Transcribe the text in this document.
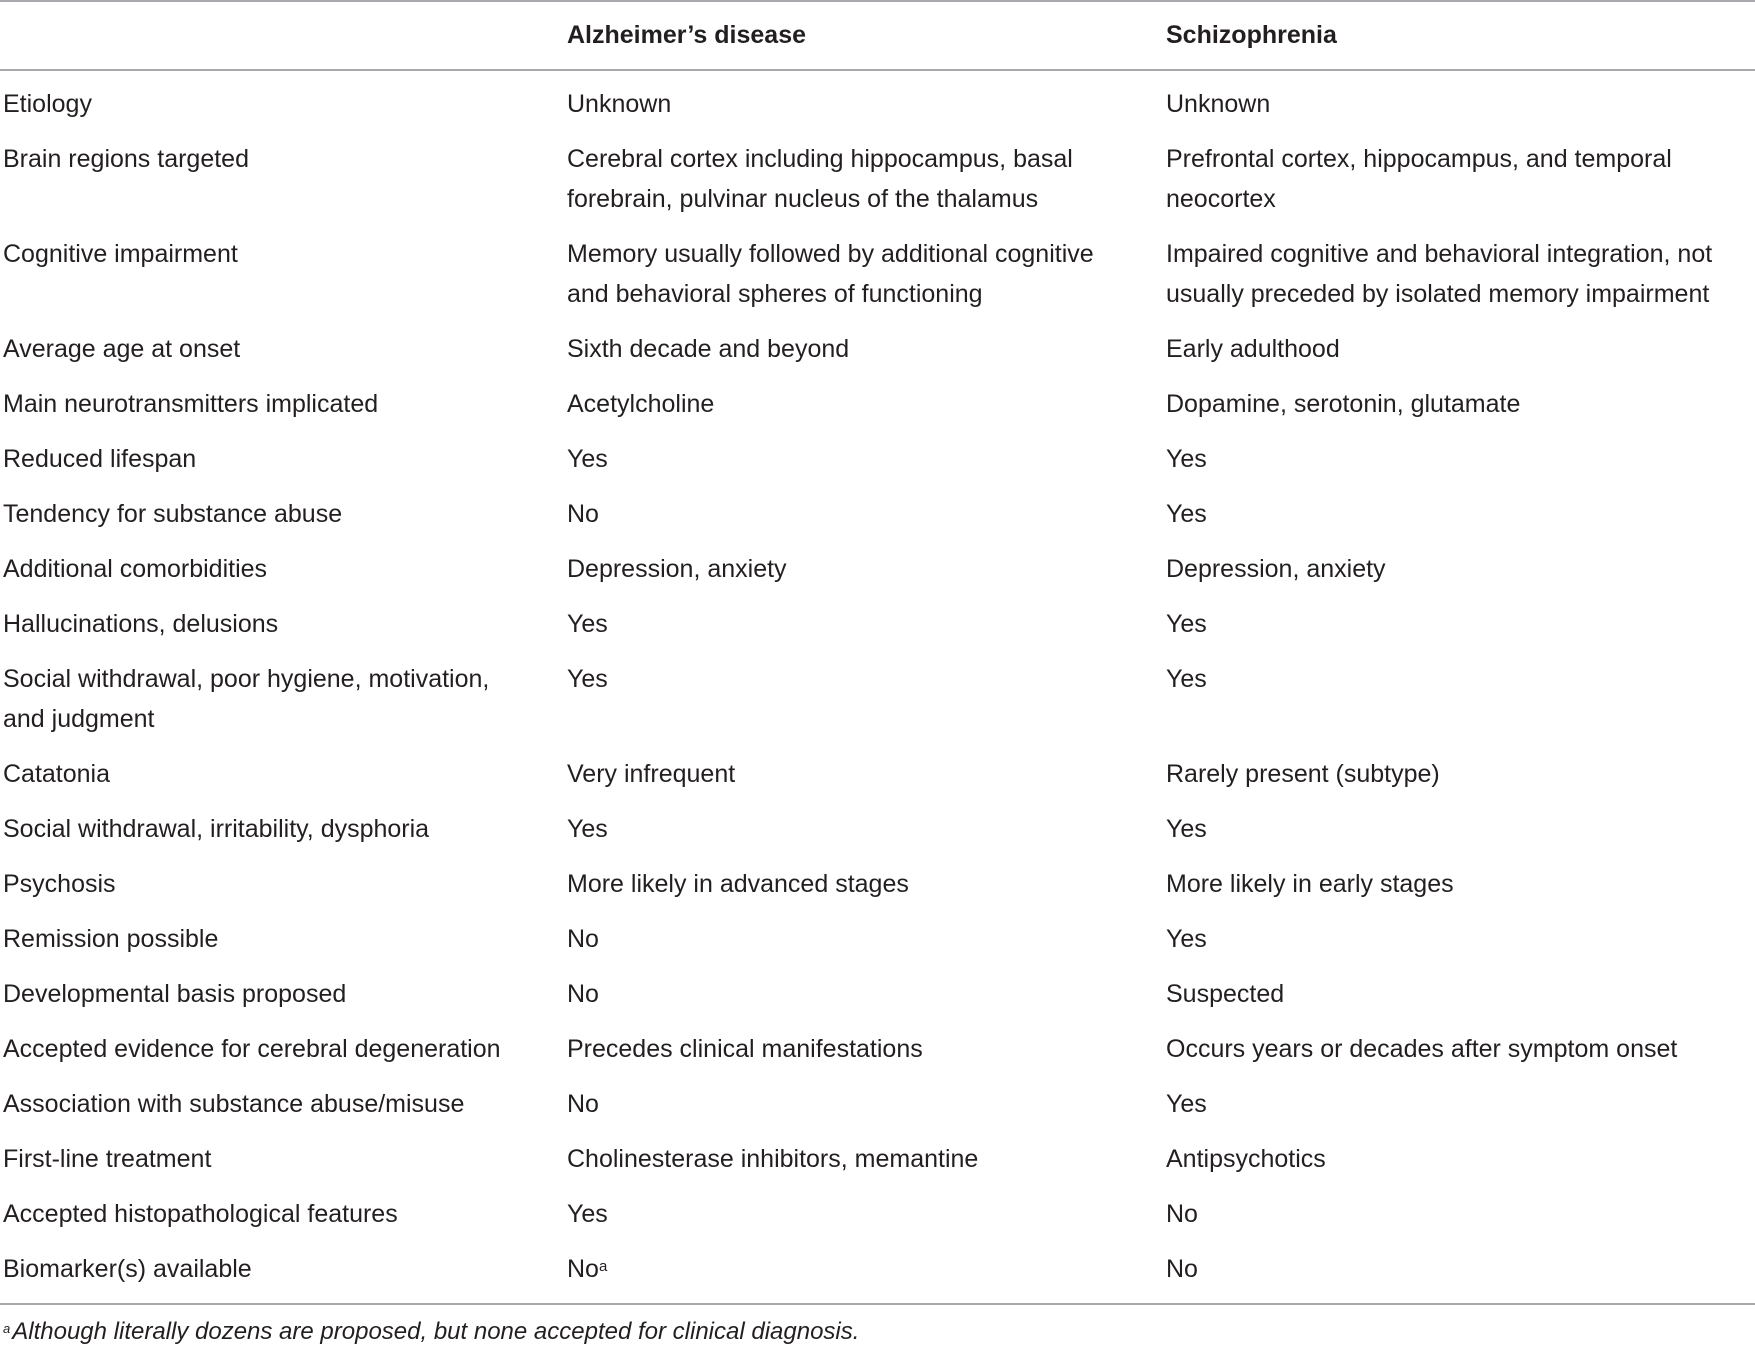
	Alzheimer’s disease	Schizophrenia
Etiology	Unknown	Unknown
Brain regions targeted	Cerebral cortex including hippocampus, basal forebrain, pulvinar nucleus of the thalamus	Prefrontal cortex, hippocampus, and temporal neocortex
Cognitive impairment	Memory usually followed by additional cognitive and behavioral spheres of functioning	Impaired cognitive and behavioral integration, not usually preceded by isolated memory impairment
Average age at onset	Sixth decade and beyond	Early adulthood
Main neurotransmitters implicated	Acetylcholine	Dopamine, serotonin, glutamate
Reduced lifespan	Yes	Yes
Tendency for substance abuse	No	Yes
Additional comorbidities	Depression, anxiety	Depression, anxiety
Hallucinations, delusions	Yes	Yes
Social withdrawal, poor hygiene, motivation, and judgment	Yes	Yes
Catatonia	Very infrequent	Rarely present (subtype)
Social withdrawal, irritability, dysphoria	Yes	Yes
Psychosis	More likely in advanced stages	More likely in early stages
Remission possible	No	Yes
Developmental basis proposed	No	Suspected
Accepted evidence for cerebral degeneration	Precedes clinical manifestations	Occurs years or decades after symptom onset
Association with substance abuse/misuse	No	Yes
First-line treatment	Cholinesterase inhibitors, memantine	Antipsychotics
Accepted histopathological features	Yes	No
Biomarker(s) available	No$^a$	No
$^a$Although literally dozens are proposed, but none accepted for clinical diagnosis.
